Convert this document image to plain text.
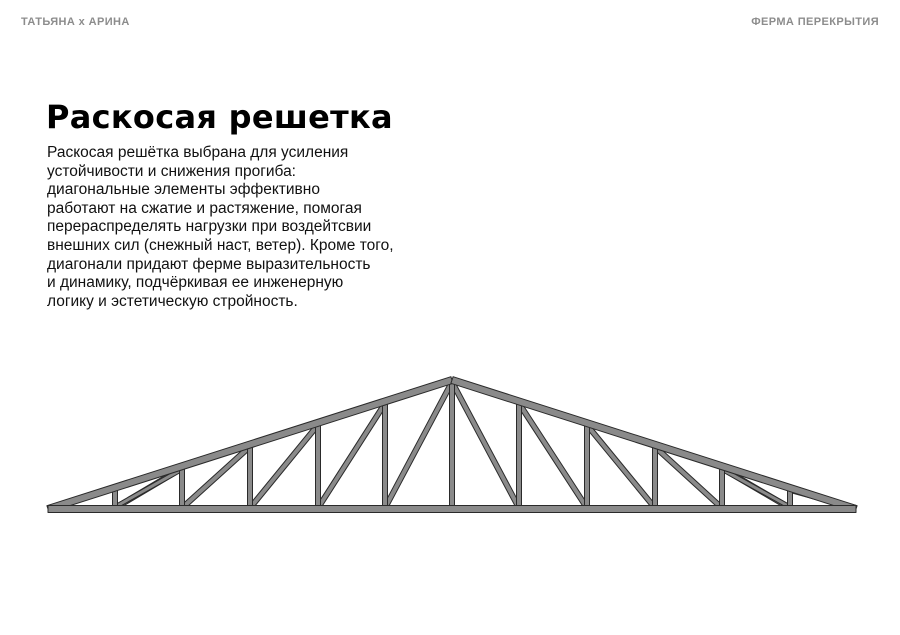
ТАТЬЯНА x АРИНА	ФЕРМА ПЕРЕКРЫТИЯ
Раскосая решетка
Раскосая решётка выбрана для усиления
устойчивости и снижения прогиба:
диагональные элементы эффективно
работают на сжатие и растяжение, помогая
перераспределять нагрузки при воздейтсвии
внешних сил (снежный наст, ветер). Кроме того,
диагонали придают ферме выразительность
и динамику, подчёркивая ее инженерную
логику и эстетическую стройность.
